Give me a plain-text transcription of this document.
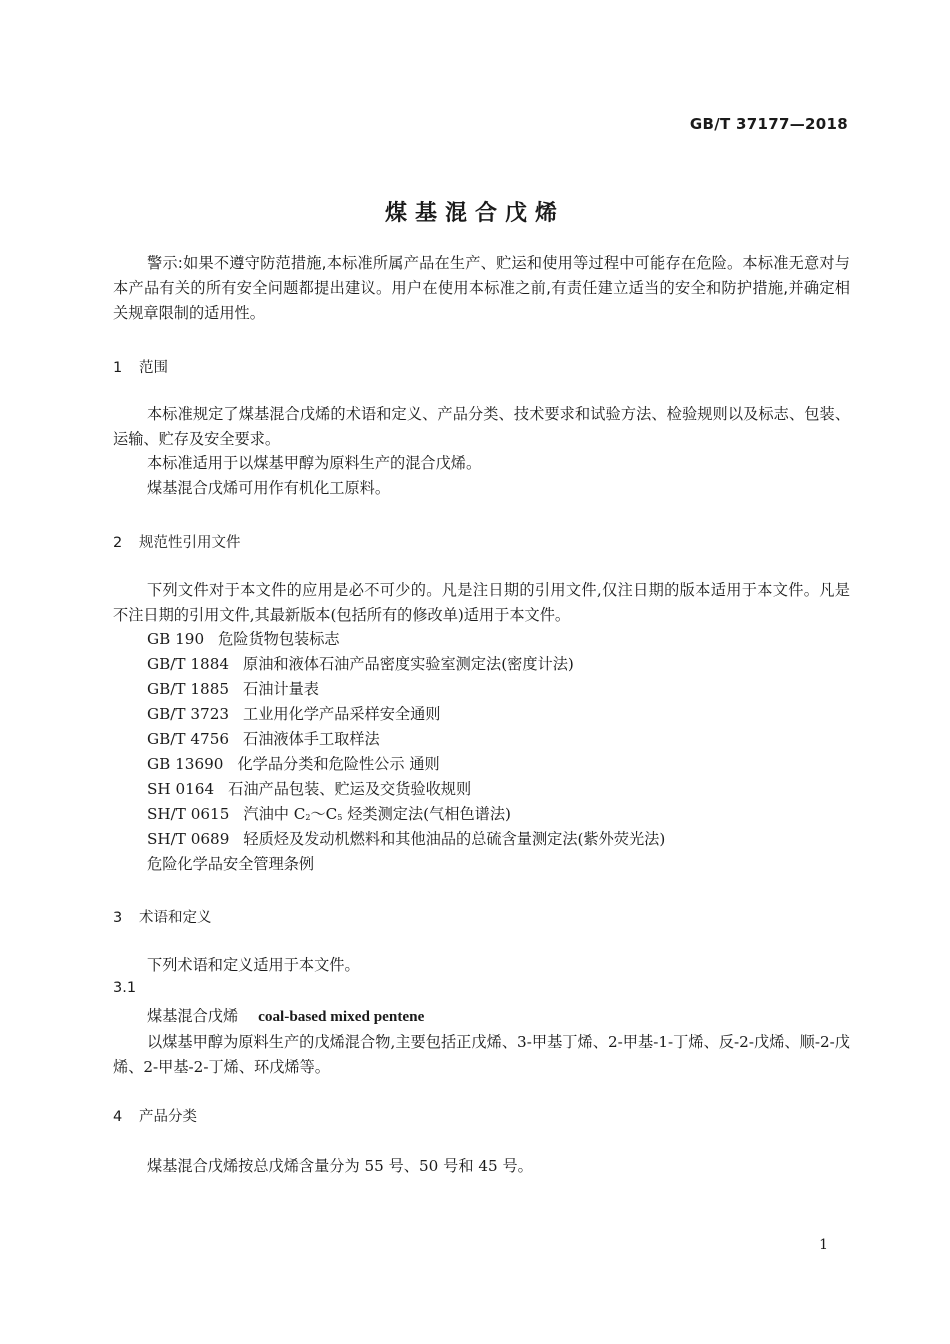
GB/T 37177—2018
煤基混合戊烯
警示:如果不遵守防范措施,本标准所属产品在生产、贮运和使用等过程中可能存在危险。本标准无意对与本产品有关的所有安全问题都提出建议。用户在使用本标准之前,有责任建立适当的安全和防护措施,并确定相关规章限制的适用性。
1 范围
本标准规定了煤基混合戊烯的术语和定义、产品分类、技术要求和试验方法、检验规则以及标志、包装、运输、贮存及安全要求。
本标准适用于以煤基甲醇为原料生产的混合戊烯。
煤基混合戊烯可用作有机化工原料。
2 规范性引用文件
下列文件对于本文件的应用是必不可少的。凡是注日期的引用文件,仅注日期的版本适用于本文件。凡是不注日期的引用文件,其最新版本(包括所有的修改单)适用于本文件。
GB 190 危险货物包装标志
GB/T 1884 原油和液体石油产品密度实验室测定法(密度计法)
GB/T 1885 石油计量表
GB/T 3723 工业用化学产品采样安全通则
GB/T 4756 石油液体手工取样法
GB 13690 化学品分类和危险性公示 通则
SH 0164 石油产品包装、贮运及交货验收规则
SH/T 0615 汽油中 $C_2\sim C_5$ 烃类测定法(气相色谱法)
SH/T 0689 轻质烃及发动机燃料和其他油品的总硫含量测定法(紫外荧光法)
危险化学品安全管理条例
3 术语和定义
下列术语和定义适用于本文件。
3.1
煤基混合戊烯 coal-based mixed pentene
以煤基甲醇为原料生产的戊烯混合物,主要包括正戊烯、3-甲基丁烯、2-甲基-1-丁烯、反-2-戊烯、顺-2-戊烯、2-甲基-2-丁烯、环戊烯等。
4 产品分类
煤基混合戊烯按总戊烯含量分为 55 号、50 号和 45 号。
1
